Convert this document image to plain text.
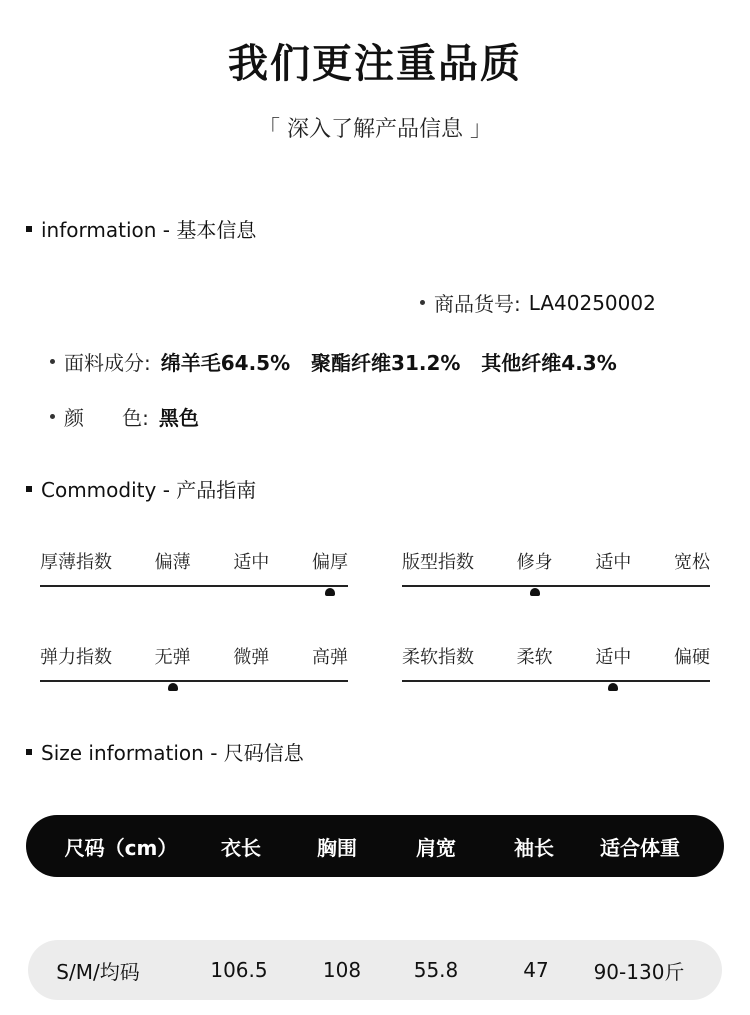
我们更注重品质
「 深入了解产品信息 」
information - 基本信息
商品货号: LA40250002
面料成分: 绵羊毛64.5%   聚酯纤维31.2%   其他纤维4.3%
颜      色: 黑色
Commodity - 产品指南
厚薄指数 偏薄 适中 偏厚	版型指数 修身 适中 宽松
弹力指数 无弹 微弹 高弹	柔软指数 柔软 适中 偏硬
Size information - 尺码信息
尺码（cm）	衣长	胸围	肩宽	袖长	适合体重
S/M/均码	106.5	108	55.8	47	90-130斤
